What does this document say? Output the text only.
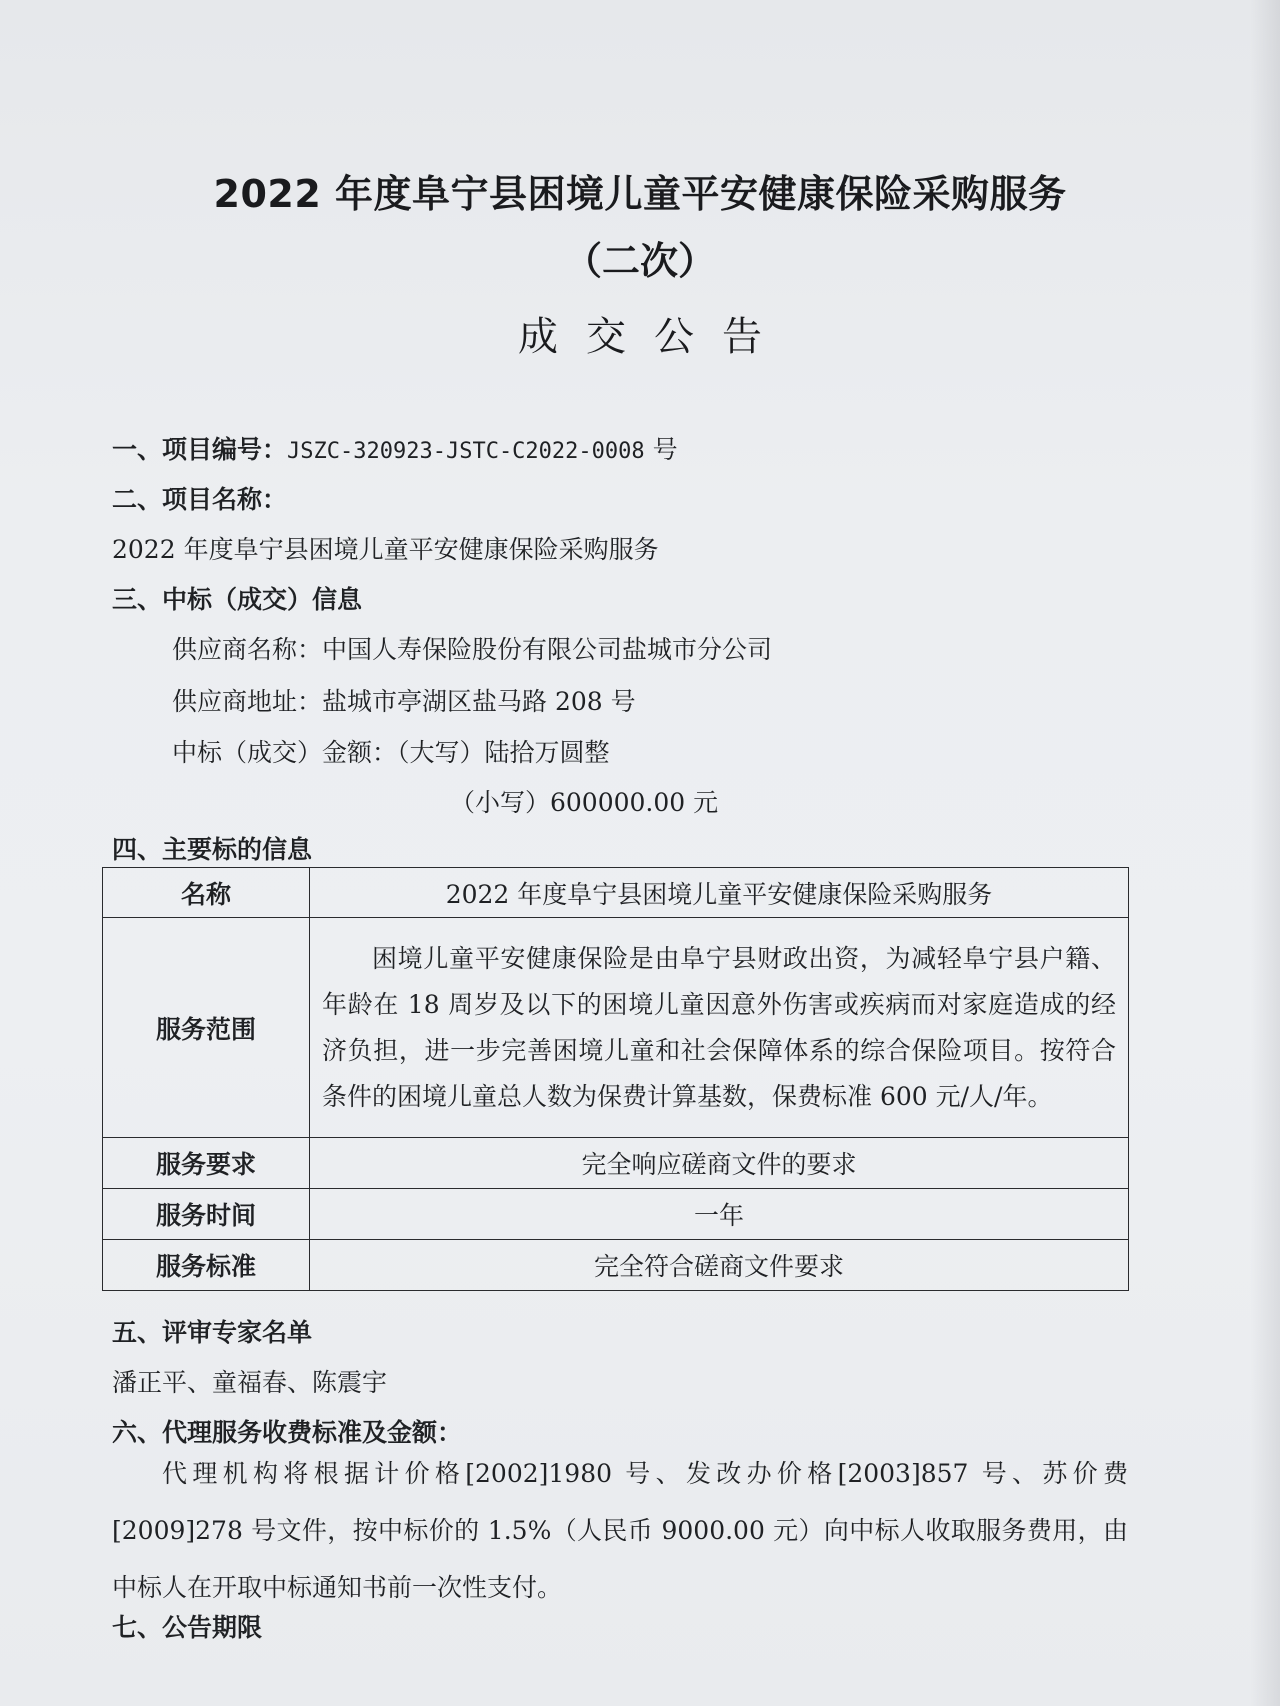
2022 年度阜宁县困境儿童平安健康保险采购服务
（二次）
成交公告
一、项目编号：JSZC-320923-JSTC-C2022-0008 号
二、项目名称：
2022 年度阜宁县困境儿童平安健康保险采购服务
三、中标（成交）信息
供应商名称：中国人寿保险股份有限公司盐城市分公司
供应商地址：盐城市亭湖区盐马路 208 号
中标（成交）金额：（大写）陆拾万圆整
（小写）600000.00 元
四、主要标的信息
名称	2022 年度阜宁县困境儿童平安健康保险采购服务
服务范围	困境儿童平安健康保险是由阜宁县财政出资，为减轻阜宁县户籍、年龄在 18 周岁及以下的困境儿童因意外伤害或疾病而对家庭造成的经济负担，进一步完善困境儿童和社会保障体系的综合保险项目。按符合条件的困境儿童总人数为保费计算基数，保费标准 600 元/人/年。
服务要求	完全响应磋商文件的要求
服务时间	一年
服务标准	完全符合磋商文件要求
五、评审专家名单
潘正平、童福春、陈震宇
六、代理服务收费标准及金额：
代理机构将根据计价格[2002]1980 号、发改办价格[2003]857 号、苏价费[2009]278 号文件，按中标价的 1.5%（人民币 9000.00 元）向中标人收取服务费用，由中标人在开取中标通知书前一次性支付。
七、公告期限
